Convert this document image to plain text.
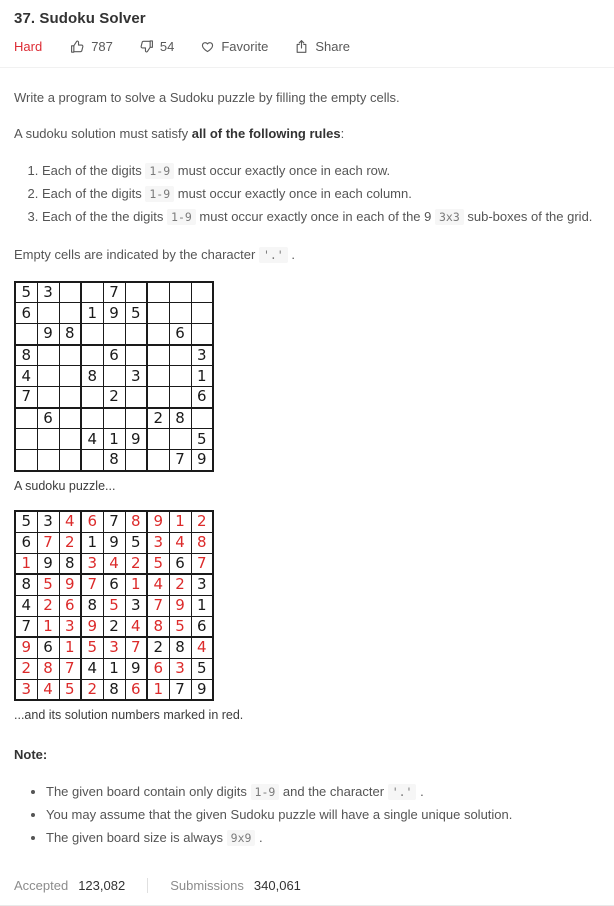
37. Sudoku Solver
Hard	787	54	Favorite	Share

Write a program to solve a Sudoku puzzle by filling the empty cells.

A sudoku solution must satisfy all of the following rules:

1. Each of the digits 1-9 must occur exactly once in each row.
2. Each of the digits 1-9 must occur exactly once in each column.
3. Each of the the digits 1-9 must occur exactly once in each of the 9 3x3 sub-boxes of the grid.

Empty cells are indicated by the character '.' .

5	3			7				
6			1	9	5			
	9	8					6	
8				6				3
4			8		3			1
7				2				6
	6					2	8	
			4	1	9			5
				8			7	9

A sudoku puzzle...

5	3	4	6	7	8	9	1	2
6	7	2	1	9	5	3	4	8
1	9	8	3	4	2	5	6	7
8	5	9	7	6	1	4	2	3
4	2	6	8	5	3	7	9	1
7	1	3	9	2	4	8	5	6
9	6	1	5	3	7	2	8	4
2	8	7	4	1	9	6	3	5
3	4	5	2	8	6	1	7	9

...and its solution numbers marked in red.

Note:

• The given board contain only digits 1-9 and the character '.' .
• You may assume that the given Sudoku puzzle will have a single unique solution.
• The given board size is always 9x9 .
Accepted 123,082	Submissions 340,061
